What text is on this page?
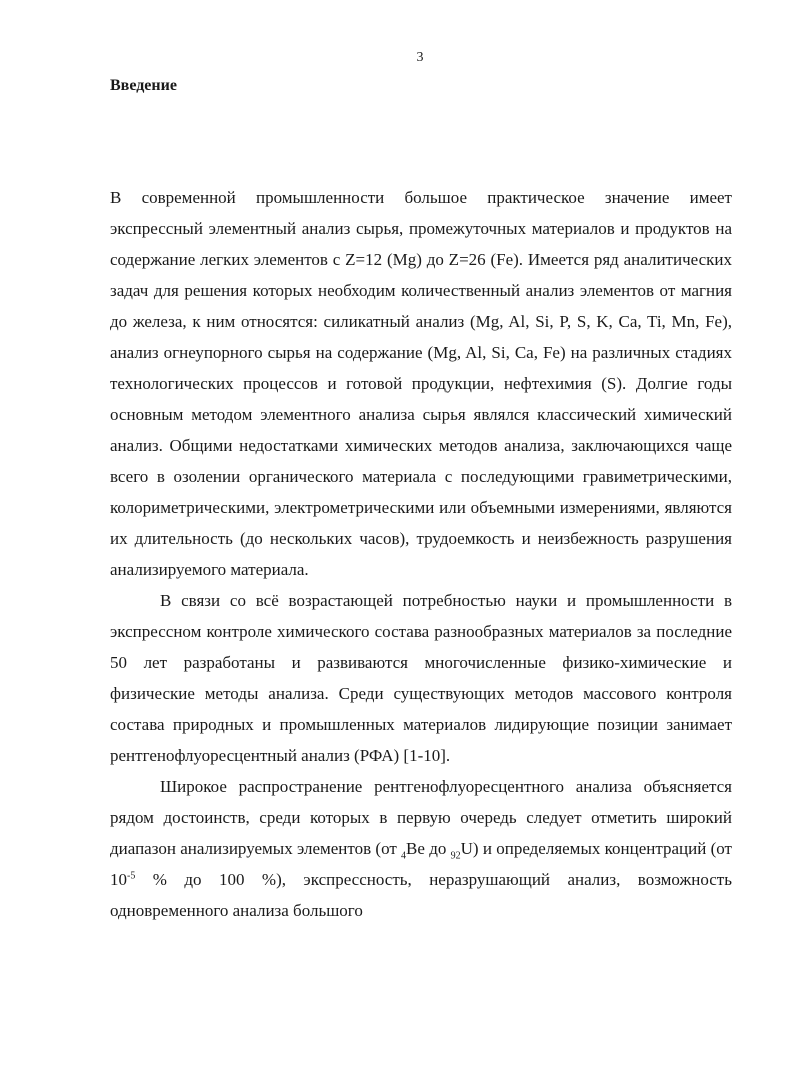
3
Введение

В современной промышленности большое практическое значение имеет экспрессный элементный анализ сырья, промежуточных материалов и продуктов на содержание легких элементов с Z=12 (Mg) до Z=26 (Fe). Имеется ряд аналитических задач для решения которых необходим количественный анализ элементов от магния до железа, к ним относятся: силикатный анализ (Mg, Al, Si, P, S, K, Ca, Ti, Mn, Fe), анализ огнеупорного сырья на содержание (Mg, Al, Si, Ca, Fe) на различных стадиях технологических процессов и готовой продукции, нефтехимия (S). Долгие годы основным методом элементного анализа сырья являлся классический химический анализ. Общими недостатками химических методов анализа, заключающихся чаще всего в озолении органического материала с последующими гравиметрическими, колориметрическими, электрометрическими или объемными измерениями, являются их длительность (до нескольких часов), трудоемкость и неизбежность разрушения анализируемого материала.

В связи со всё возрастающей потребностью науки и промышленности в экспрессном контроле химического состава разнообразных материалов за последние 50 лет разработаны и развиваются многочисленные физико-химические и физические методы анализа. Среди существующих методов массового контроля состава природных и промышленных материалов лидирующие позиции занимает рентгенофлуоресцентный анализ (РФА) [1-10].

Широкое распространение рентгенофлуоресцентного анализа объясняется рядом достоинств, среди которых в первую очередь следует отметить широкий диапазон анализируемых элементов (от $_4$Be до $_{92}$U) и определяемых концентраций (от $10^{-5}$ % до 100 %), экспрессность, неразрушающий анализ, возможность одновременного анализа большого
